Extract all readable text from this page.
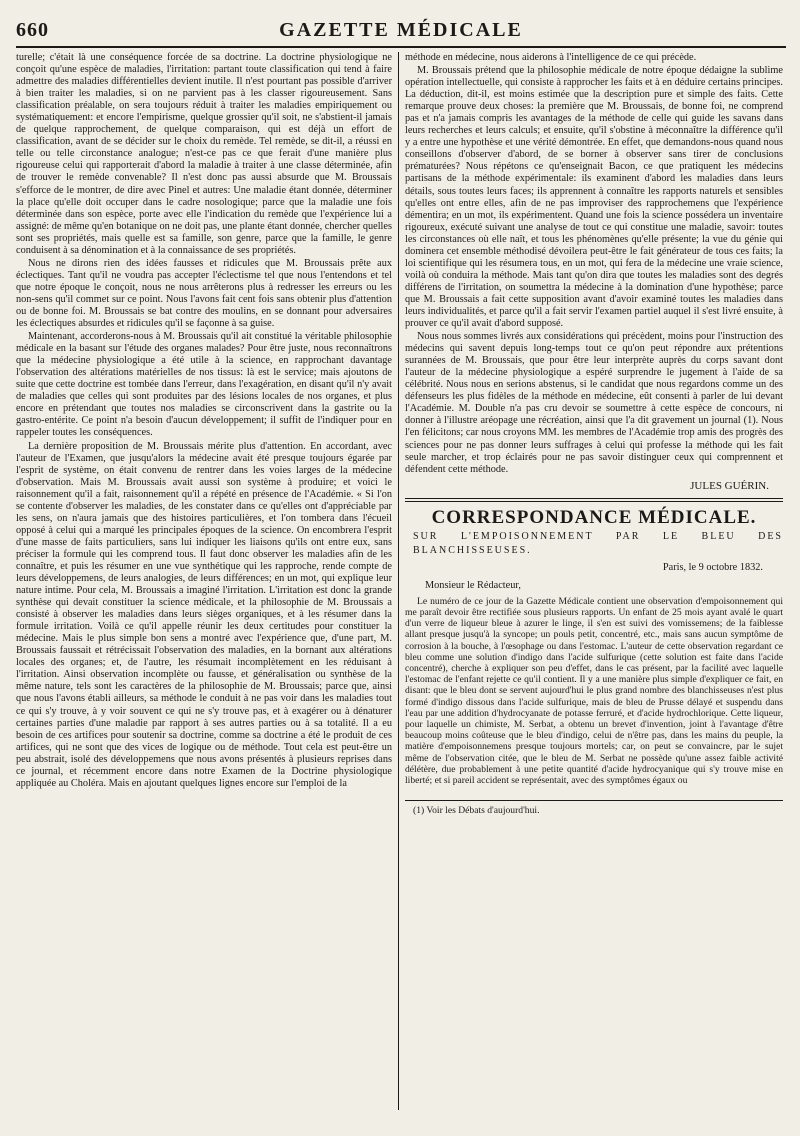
660	GAZETTE MÉDICALE

turelle; c'était là une conséquence forcée de sa doctrine. La doctrine physiologique ne conçoit qu'une espèce de maladies, l'irritation: partant toute classification qui tend à faire admettre des maladies différentielles devient inutile. Il n'est pourtant pas possible d'arriver à bien traiter les maladies, si on ne parvient pas à les classer rigoureusement. Sans classification préalable, on sera toujours réduit à traiter les maladies empiriquement ou systématiquement: et encore l'empirisme, quelque grossier qu'il soit, ne s'abstient-il jamais de quelque rapprochement, de quelque comparaison, qui est déjà un effort de classification, avant de se décider sur le choix du remède. Tel remède, se dit-il, a réussi en telle ou telle circonstance analogue; n'est-ce pas ce que ferait d'une manière plus rigoureuse celui qui rapporterait d'abord la maladie à traiter à une classe déterminée, afin de trouver le remède convenable? Il n'est donc pas aussi absurde que M. Broussais s'efforce de le montrer, de dire avec Pinel et autres: Une maladie étant donnée, déterminer la place qu'elle doit occuper dans le cadre nosologique; parce que la maladie une fois déterminée dans son espèce, porte avec elle l'indication du remède que l'expérience lui a assigné: de même qu'en botanique on ne doit pas, une plante étant donnée, chercher quelles sont ses propriétés, mais quelle est sa famille, son genre, parce que la famille, le genre conduisent à sa dénomination et à la connaissance de ses propriétés.

Nous ne dirons rien des idées fausses et ridicules que M. Broussais prête aux éclectiques. Tant qu'il ne voudra pas accepter l'éclectisme tel que nous l'entendons et tel que notre époque le conçoit, nous ne nous arrêterons plus à redresser les erreurs ou les non-sens qu'il commet sur ce point. Nous l'avons fait cent fois sans obtenir plus d'attention ou de bonne foi. M. Broussais se bat contre des moulins, en se donnant pour adversaires les éclectiques absurdes et ridicules qu'il se façonne à sa guise.

Maintenant, accorderons-nous à M. Broussais qu'il ait constitué la véritable philosophie médicale en la basant sur l'étude des organes malades? Pour être juste, nous reconnaîtrons que la médecine physiologique a été utile à la science, en rapprochant davantage l'observation des altérations matérielles de nos tissus: là est le service; mais ajoutons de suite que cette doctrine est tombée dans l'erreur, dans l'exagération, en disant qu'il n'y avait de maladies que celles qui sont produites par des lésions locales de nos organes, et plus encore en prétendant que toutes nos maladies se circonscrivent dans la gastrite ou la gastro-entérite. Ce point n'a besoin d'aucun développement; il suffit de l'indiquer pour en rappeler toutes les conséquences.

La dernière proposition de M. Broussais mérite plus d'attention. En accordant, avec l'auteur de l'Examen, que jusqu'alors la médecine avait été presque toujours égarée par l'esprit de système, on était convenu de rentrer dans les voies larges de la médecine d'observation. Mais M. Broussais avait aussi son système à produire; et voici le raisonnement qu'il a fait, raisonnement qu'il a répété en présence de l'Académie. « Si l'on se contente d'observer les maladies, de les constater dans ce qu'elles ont d'appréciable par les sens, on n'aura jamais que des histoires particulières, et l'on tombera dans l'écueil opposé à celui qui a marqué les principales époques de la science. On encombrera l'esprit d'une masse de faits particuliers, sans lui indiquer les liaisons qu'ils ont entre eux, sans préciser la formule qui les comprend tous. Il faut donc observer les maladies afin de les connaître, et puis les résumer en une vue synthétique qui les rapproche, rende compte de leurs développemens, de leurs analogies, de leurs différences; en un mot, qui explique leur nature intime. Pour cela, M. Broussais a imaginé l'irritation. L'irritation est donc la grande synthèse qui devait constituer la science médicale, et la philosophie de M. Broussais a consisté à observer les maladies dans leurs sièges organiques, et à les résumer dans la formule irritation. Voilà ce qu'il appelle réunir les deux certitudes pour constituer la médecine. Mais le plus simple bon sens a montré avec l'expérience que, d'une part, M. Broussais faussait et rétrécissait l'observation des maladies, en la bornant aux altérations locales des organes; et, de l'autre, les résumait incomplètement en les réduisant à l'irritation. Ainsi observation incomplète ou fausse, et généralisation ou synthèse de la même nature, tels sont les caractères de la philosophie de M. Broussais; parce que, ainsi que nous l'avons établi ailleurs, sa méthode le conduit à ne pas voir dans les maladies tout ce qui s'y trouve, à y voir souvent ce qui ne s'y trouve pas, et à exagérer ou à dénaturer certaines parties d'une maladie par rapport à ses autres parties ou à sa totalité. Il a eu besoin de ces artifices pour soutenir sa doctrine, comme sa doctrine a été le produit de ces artifices, qui ne sont que des vices de logique ou de méthode. Tout cela est peut-être un peu abstrait, isolé des développemens que nous avons présentés à plusieurs reprises dans ce journal, et récemment encore dans notre Examen de la Doctrine physiologique appliquée au Choléra. Mais en ajoutant quelques lignes encore sur l'emploi de la

méthode en médecine, nous aiderons à l'intelligence de ce qui précède.

M. Broussais prétend que la philosophie médicale de notre époque dédaigne la sublime opération intellectuelle, qui consiste à rapprocher les faits et à en déduire certains principes. La déduction, dit-il, est moins estimée que la description pure et simple des faits. Cette remarque prouve deux choses: la première que M. Broussais, de bonne foi, ne comprend pas et n'a jamais compris les avantages de la méthode de celle qui guide les savans dans leurs recherches et leurs calculs; et ensuite, qu'il s'obstine à méconnaître la différence qu'il y a entre une hypothèse et une vérité démontrée. En effet, que demandons-nous quand nous conseillons d'observer d'abord, de se borner à observer sans tirer de conclusions prématurées? Nous répétons ce qu'enseignait Bacon, ce que pratiquent les médecins partisans de la méthode expérimentale: ils examinent d'abord les maladies dans leurs détails, sous toutes leurs faces; ils apprennent à connaître les rapports naturels et sensibles qu'elles ont entre elles, afin de ne pas improviser des rapprochemens que l'expérience démentira; en un mot, ils expérimentent. Quand une fois la science possédera un inventaire rigoureux, exécuté suivant une analyse de tout ce qui constitue une maladie, savoir: toutes les circonstances où elle naît, et tous les phénomènes qu'elle présente; la vue du génie qui dominera cet ensemble méthodisé dévoilera peut-être le fait générateur de tous ces faits; la loi scientifique qui les résumera tous, en un mot, qui fera de la médecine une vraie science, voilà où conduira la méthode. Mais tant qu'on dira que toutes les maladies sont des degrés différens de l'irritation, on soumettra la médecine à la domination d'une hypothèse; parce que M. Broussais a fait cette supposition avant d'avoir examiné toutes les maladies dans leurs individualités, et parce qu'il a fait servir l'examen partiel auquel il s'est livré ensuite, à prouver ce qu'il avait d'abord supposé.

Nous nous sommes livrés aux considérations qui précèdent, moins pour l'instruction des médecins qui savent depuis long-temps tout ce qu'on peut répondre aux prétentions surannées de M. Broussais, que pour être leur interprète auprès du corps savant dont l'auteur de la médecine physiologique a espéré surprendre le jugement à l'aide de sa célébrité. Nous nous en serions abstenus, si le candidat que nous regardons comme un des défenseurs les plus fidèles de la méthode en médecine, eût consenti à parler de lui devant l'Académie. M. Double n'a pas cru devoir se soumettre à cette espèce de concours, ni donner à l'illustre aréopage une récréation, ainsi que l'a dit gravement un journal (1). Nous l'en félicitons; car nous croyons MM. les membres de l'Académie trop amis des progrès des sciences pour ne pas donner leurs suffrages à celui qui professe la méthode qui les fait seule marcher, et trop éclairés pour ne pas savoir distinguer ceux qui comprennent et défendent cette méthode.

JULES GUÉRIN.
CORRESPONDANCE MÉDICALE.
SUR L'EMPOISONNEMENT PAR LE BLEU DES BLANCHISSEUSES.
Paris, le 9 octobre 1832.
Monsieur le Rédacteur,

Le numéro de ce jour de la Gazette Médicale contient une observation d'empoisonnement qui me paraît devoir être rectifiée sous plusieurs rapports. Un enfant de 25 mois ayant avalé le quart d'un verre de liqueur bleue à azurer le linge, il s'en est suivi des vomissemens; de la faiblesse allant presque jusqu'à la syncope; un pouls petit, concentré, etc., mais sans aucun symptôme de corrosion à la bouche, à l'œsophage ou dans l'estomac. L'auteur de cette observation regardant ce bleu comme une solution d'indigo dans l'acide sulfurique (cette solution est faite dans l'acide concentré), cherche à expliquer son peu d'effet, dans le cas présent, par la facilité avec laquelle l'estomac de l'enfant rejette ce qu'il contient. Il y a une manière plus simple d'expliquer ce fait, en disant: que le bleu dont se servent aujourd'hui le plus grand nombre des blanchisseuses n'est plus formé d'indigo dissous dans l'acide sulfurique, mais de bleu de Prusse délayé et suspendu dans l'eau par une addition d'hydrocyanate de potasse ferruré, et d'acide hydrochlorique. Cette liqueur, pour laquelle un chimiste, M. Serbat, a obtenu un brevet d'invention, joint à l'avantage d'être beaucoup moins coûteuse que le bleu d'indigo, celui de n'être pas, dans les mains du peuple, la matière d'empoisonnemens presque toujours mortels; car, on peut se convaincre, par le sujet même de l'observation citée, que le bleu de M. Serbat ne possède qu'une assez faible activité délétère, due probablement à une petite quantité d'acide hydrocyanique qui s'y trouve mise en liberté; et si pareil accident se représentait, avec des symptômes égaux ou

(1) Voir les Débats d'aujourd'hui.
